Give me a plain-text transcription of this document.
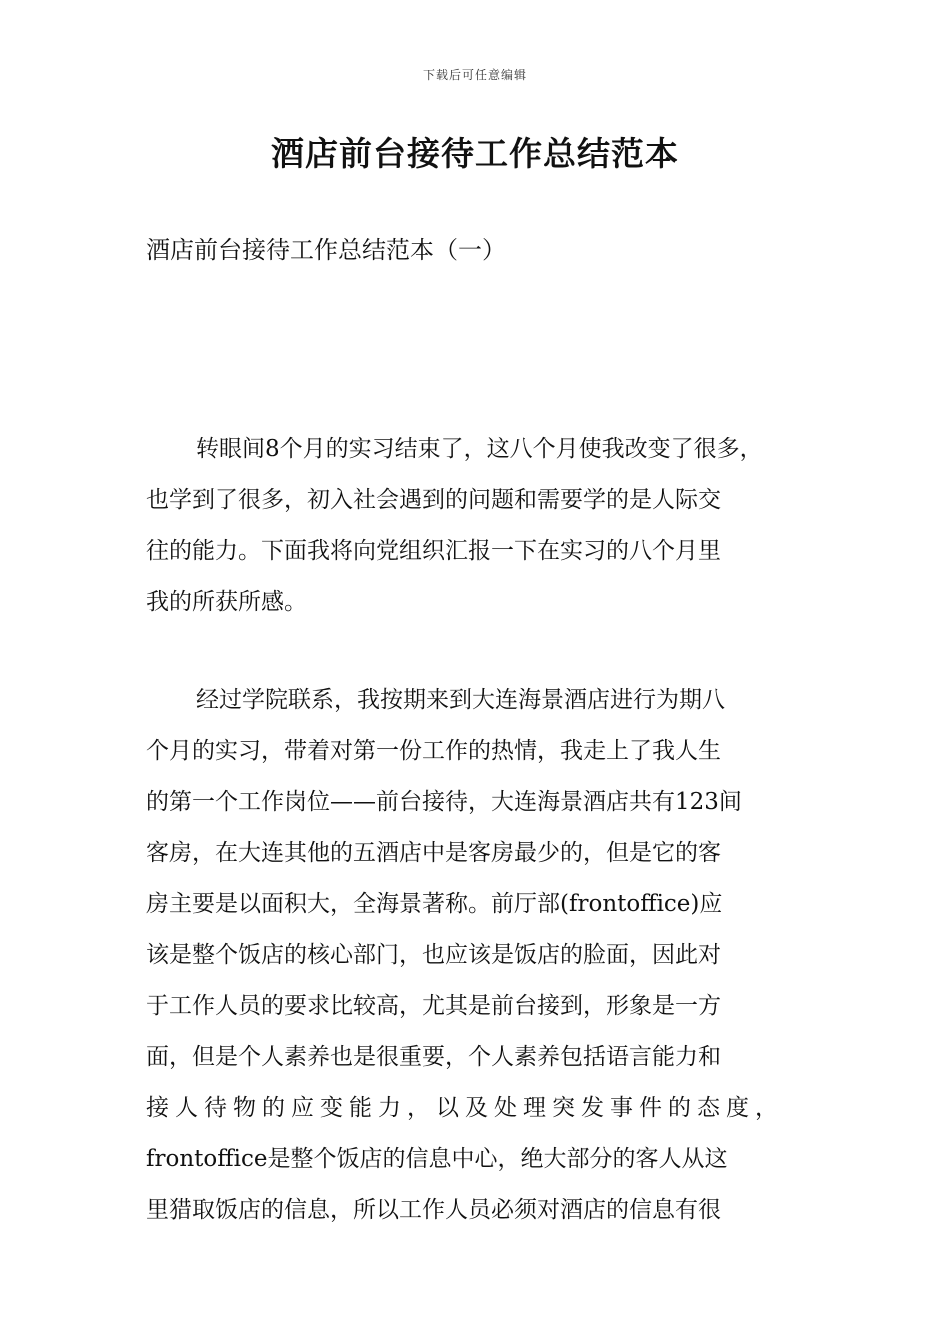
下载后可任意编辑
酒店前台接待工作总结范本
酒店前台接待工作总结范本（一）
转眼间8个月的实习结束了，这八个月使我改变了很多，
也学到了很多，初入社会遇到的问题和需要学的是人际交
往的能力。下面我将向党组织汇报一下在实习的八个月里
我的所获所感。
经过学院联系，我按期来到大连海景酒店进行为期八
个月的实习，带着对第一份工作的热情，我走上了我人生
的第一个工作岗位——前台接待，大连海景酒店共有123间
客房，在大连其他的五酒店中是客房最少的，但是它的客
房主要是以面积大，全海景著称。前厅部(frontoffice)应
该是整个饭店的核心部门，也应该是饭店的脸面，因此对
于工作人员的要求比较高，尤其是前台接到，形象是一方
面，但是个人素养也是很重要，个人素养包括语言能力和
接人待物的应变能力，以及处理突发事件的态度，
frontoffice是整个饭店的信息中心，绝大部分的客人从这
里猎取饭店的信息，所以工作人员必须对酒店的信息有很
